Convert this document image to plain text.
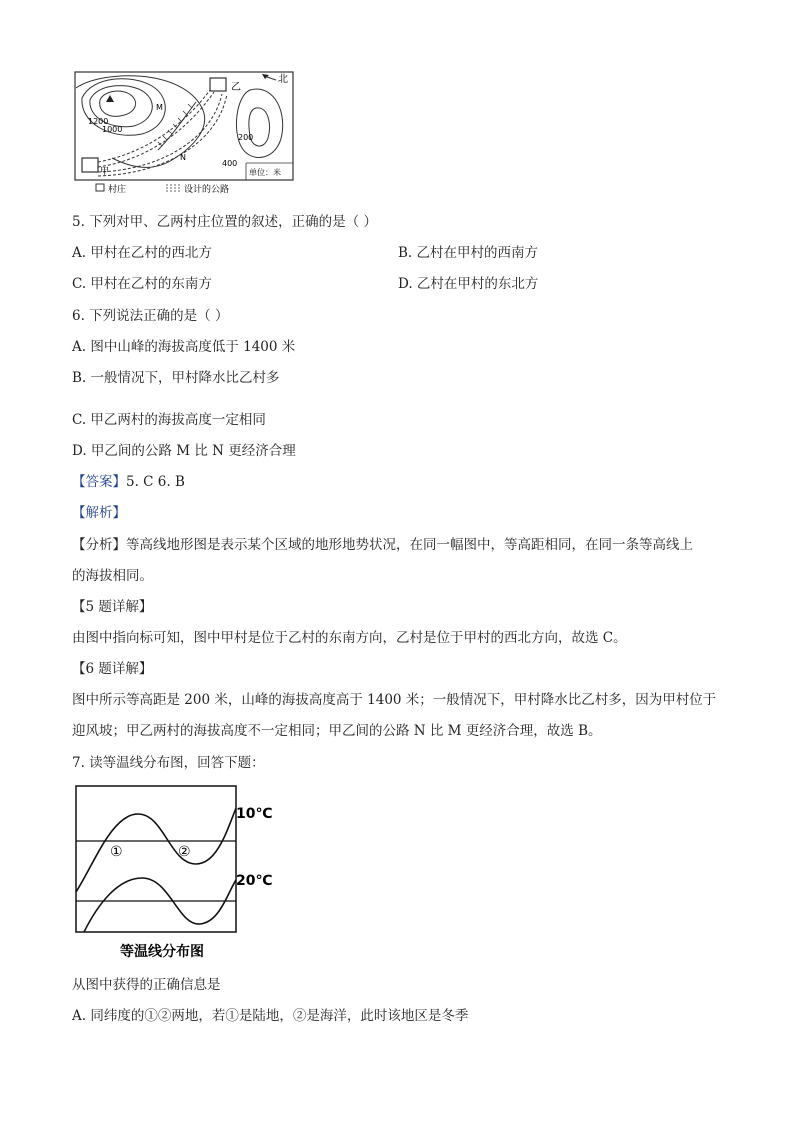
乙
北
甲
M
N
1200
1000
200
400
单位：米
村庄	设计的公路
5. 下列对甲、乙两村庄位置的叙述，正确的是（ ）
A. 甲村在乙村的西北方	B. 乙村在甲村的西南方
C. 甲村在乙村的东南方	D. 乙村在甲村的东北方
6. 下列说法正确的是（ ）
A. 图中山峰的海拔高度低于 1400 米
B. 一般情况下，甲村降水比乙村多
C. 甲乙两村的海拔高度一定相同
D. 甲乙间的公路 M 比 N 更经济合理
【答案】5. C 6. B
【解析】
【分析】等高线地形图是表示某个区域的地形地势状况，在同一幅图中，等高距相同，在同一条等高线上
的海拔相同。
【5 题详解】
由图中指向标可知，图中甲村是位于乙村的东南方向，乙村是位于甲村的西北方向，故选 C。
【6 题详解】
图中所示等高距是 200 米，山峰的海拔高度高于 1400 米；一般情况下，甲村降水比乙村多，因为甲村位于
迎风坡；甲乙两村的海拔高度不一定相同；甲乙间的公路 N 比 M 更经济合理，故选 B。
7. 读等温线分布图，回答下题：
10℃
20℃
①	②
等温线分布图
从图中获得的正确信息是
A. 同纬度的①②两地，若①是陆地，②是海洋，此时该地区是冬季
